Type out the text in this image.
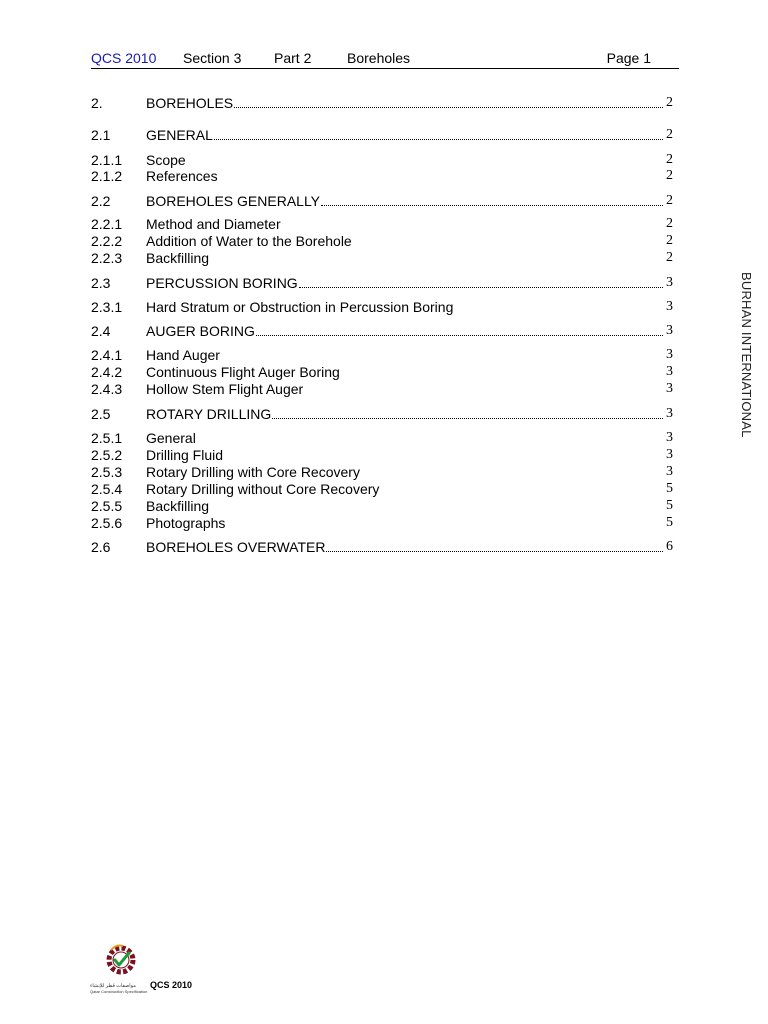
QCS 2010 Section 3 Part 2	Boreholes	Page 1
2.	BOREHOLES	2
2.1	GENERAL	2
2.1.1 Scope	2
2.1.2 References	2
2.2	BOREHOLES GENERALLY	2
2.2.1 Method and Diameter	2
2.2.2 Addition of Water to the Borehole	2
2.2.3 Backfilling	2
2.3	PERCUSSION BORING	3
2.3.1 Hard Stratum or Obstruction in Percussion Boring	3
2.4	AUGER BORING	3
2.4.1 Hand Auger	3
2.4.2 Continuous Flight Auger Boring	3
2.4.3 Hollow Stem Flight Auger	3
2.5	ROTARY DRILLING	3
2.5.1 General	3
2.5.2 Drilling Fluid	3
2.5.3 Rotary Drilling with Core Recovery	3
2.5.4 Rotary Drilling without Core Recovery	5
2.5.5 Backfilling	5
2.5.6 Photographs	5
2.6	BOREHOLES OVERWATER	6
BURHAN INTERNATIONAL
مواصفات قطر للإنشاء
Qatar Construction Specification
QCS 2010
